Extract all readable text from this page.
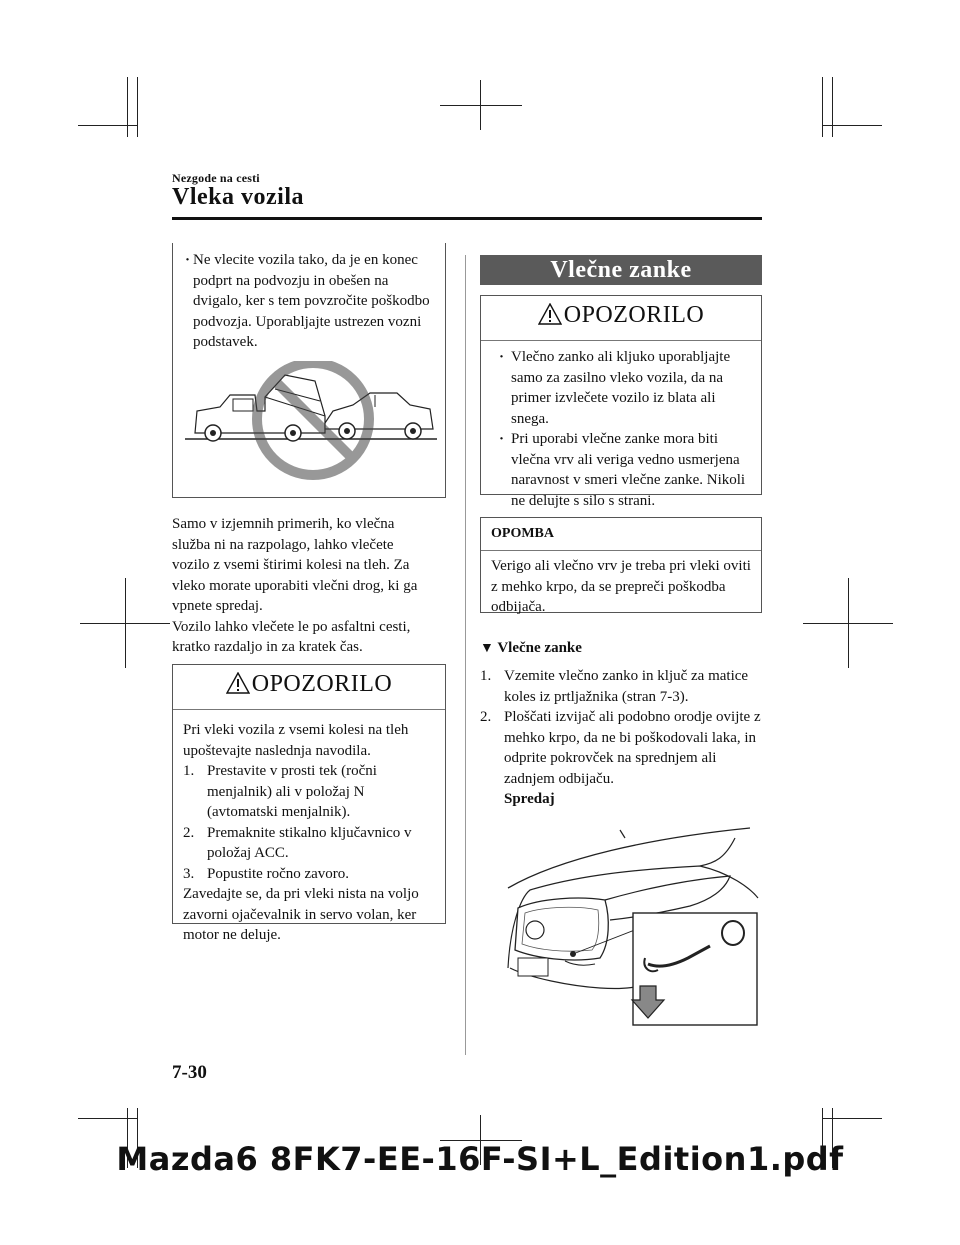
Nezgode na cesti
Vleka vozila
· Ne vlecite vozila tako, da je en konec podprt na podvozju in obešen na dvigalo, ker s tem povzročite poškodbo podvozja. Uporabljajte ustrezen vozni podstavek.
Samo v izjemnih primerih, ko vlečna
služba ni na razpolago, lahko vlečete
vozilo z vsemi štirimi kolesi na tleh. Za
vleko morate uporabiti vlečni drog, ki ga
vpnete spredaj.
Vozilo lahko vlečete le po asfaltni cesti,
kratko razdaljo in za kratek čas.
OPOZORILO
Pri vleki vozila z vsemi kolesi na tleh upoštevajte naslednja navodila.
1. Prestavite v prosti tek (ročni menjalnik) ali v položaj N (avtomatski menjalnik).
2. Premaknite stikalno ključavnico v položaj ACC.
3. Popustite ročno zavoro.
Zavedajte se, da pri vleki nista na voljo zavorni ojačevalnik in servo volan, ker motor ne deluje.
Vlečne zanke
OPOZORILO
· Vlečno zanko ali kljuko uporabljajte samo za zasilno vleko vozila, da na primer izvlečete vozilo iz blata ali snega.
· Pri uporabi vlečne zanke mora biti vlečna vrv ali veriga vedno usmerjena naravnost v smeri vlečne zanke. Nikoli ne delujte s silo s strani.
OPOMBA
Verigo ali vlečno vrv je treba pri vleki oviti z mehko krpo, da se prepreči poškodba odbijača.
▼ Vlečne zanke
1. Vzemite vlečno zanko in ključ za matice koles iz prtljažnika (stran 7-3).
2. Ploščati izvijač ali podobno orodje ovijte z mehko krpo, da ne bi poškodovali laka, in odprite pokrovček na sprednjem ali zadnjem odbijaču.
Spredaj
7-30
Mazda6 8FK7-EE-16F-SI+L_Edition1.pdf
